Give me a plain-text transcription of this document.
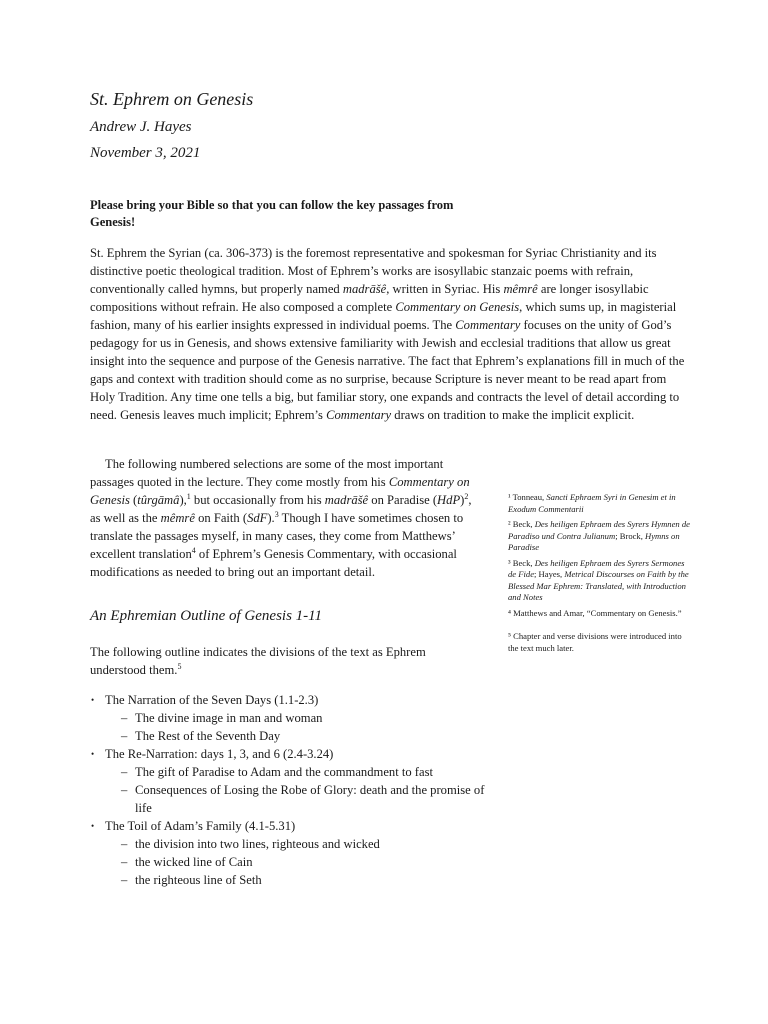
St. Ephrem on Genesis
Andrew J. Hayes
November 3, 2021
Please bring your Bible so that you can follow the key passages from Genesis!

St. Ephrem the Syrian (ca. 306-373) is the foremost representative and spokesman for Syriac Christianity and its distinctive poetic theological tradition. Most of Ephrem’s works are isosyllabic stanzaic poems with refrain, conventionally called hymns, but properly named madrāšê, written in Syriac. His mêmrê are longer isosyllabic compositions without refrain. He also composed a complete Commentary on Genesis, which sums up, in magisterial fashion, many of his earlier insights expressed in individual poems. The Commentary focuses on the unity of God’s pedagogy for us in Genesis, and shows extensive familiarity with Jewish and ecclesial traditions that allow us great insight into the sequence and purpose of the Genesis narrative. The fact that Ephrem’s explanations fill in much of the gaps and context with tradition should come as no surprise, because Scripture is never meant to be read apart from Holy Tradition. Any time one tells a big, but familiar story, one expands and contracts the level of detail according to need. Genesis leaves much implicit; Ephrem’s Commentary draws on tradition to make the implicit explicit.

The following numbered selections are some of the most important passages quoted in the lecture. They come mostly from his Commentary on Genesis (tûrgāmâ),$^1$ but occasionally from his madrāšê on Paradise (HdP)$^2$, as well as the mêmrê on Faith (SdF).$^3$ Though I have sometimes chosen to translate the passages myself, in many cases, they come from Matthews’ excellent translation$^4$ of Ephrem’s Genesis Commentary, with occasional modifications as needed to bring out an important detail.

¹ Tonneau, Sancti Ephraem Syri in Genesim et in Exodum Commentarii
² Beck, Des heiligen Ephraem des Syrers Hymnen de Paradiso und Contra Julianum; Brock, Hymns on Paradise
³ Beck, Des heiligen Ephraem des Syrers Sermones de Fide; Hayes, Metrical Discourses on Faith by the Blessed Mar Ephrem: Translated, with Introduction and Notes
⁴ Matthews and Amar, “Commentary on Genesis.”
⁵ Chapter and verse divisions were introduced into the text much later.
An Ephremian Outline of Genesis 1-11

The following outline indicates the divisions of the text as Ephrem understood them.$^5$

• The Narration of the Seven Days (1.1-2.3)
– The divine image in man and woman
– The Rest of the Seventh Day
• The Re-Narration: days 1, 3, and 6 (2.4-3.24)
– The gift of Paradise to Adam and the commandment to fast
– Consequences of Losing the Robe of Glory: death and the promise of life
• The Toil of Adam’s Family (4.1-5.31)
– the division into two lines, righteous and wicked
– the wicked line of Cain
– the righteous line of Seth
